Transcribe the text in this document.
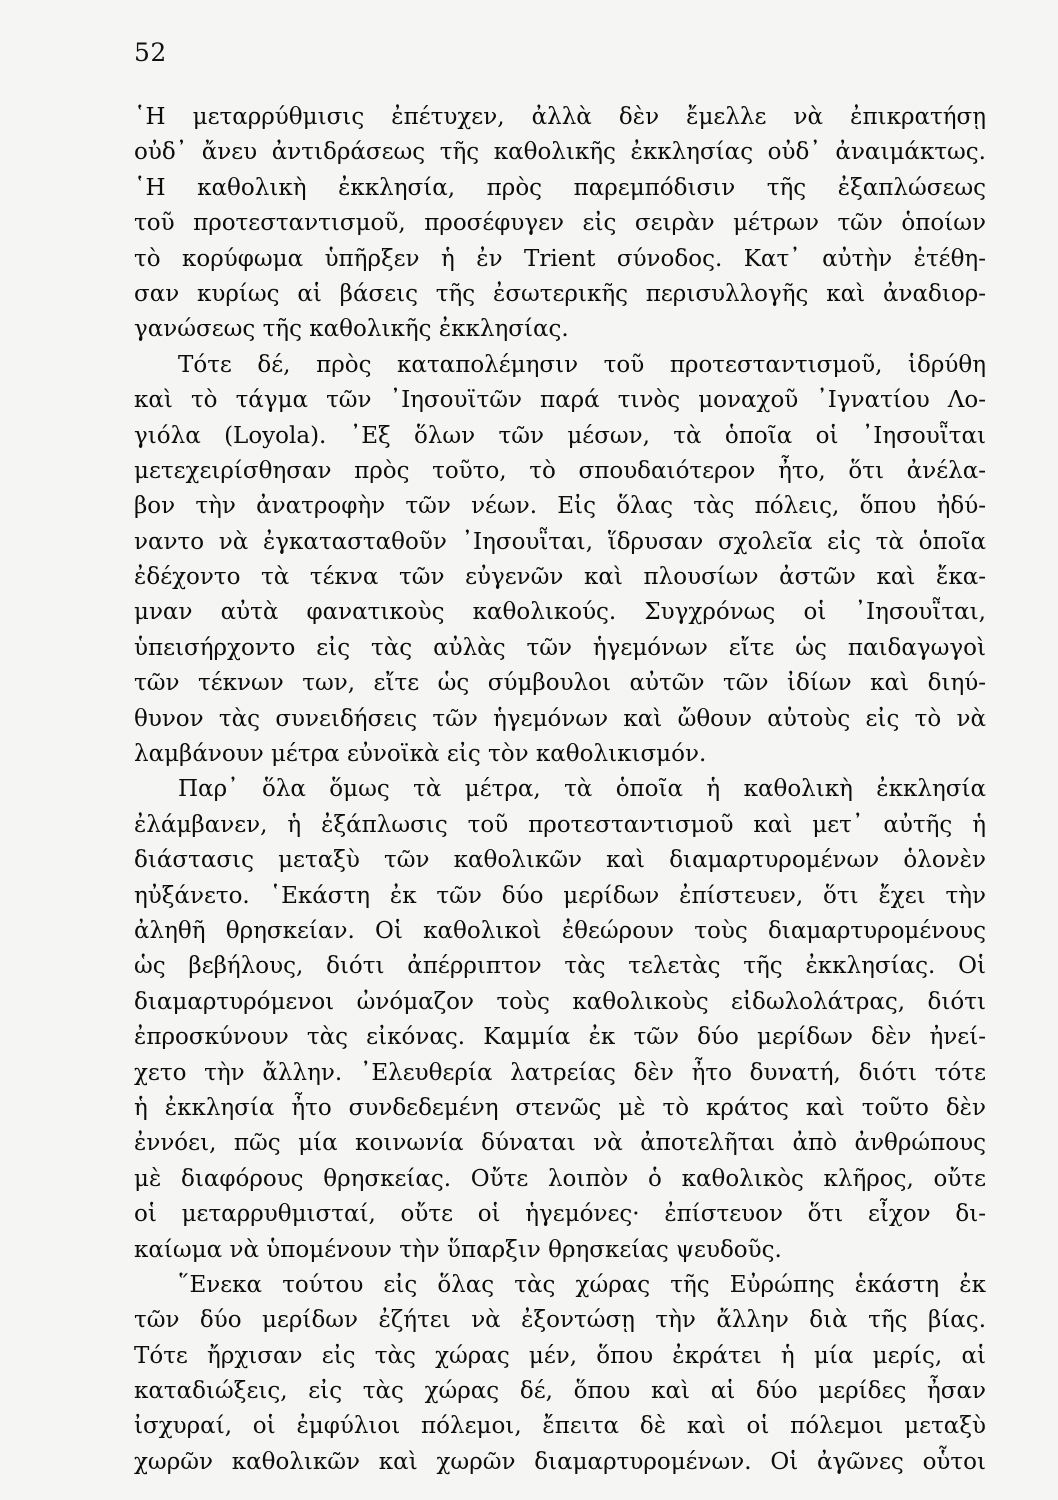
52
῾Η μεταρρύθμισις ἐπέτυχεν, ἀλλὰ δὲν ἔμελλε νὰ ἐπικρατήσῃ
οὐδ᾽ ἄνευ ἀντιδράσεως τῆς καθολικῆς ἐκκλησίας οὐδ᾽ ἀναιμάκτως.
῾Η καθολικὴ ἐκκλησία, πρὸς παρεμπόδισιν τῆς ἐξαπλώσεως
τοῦ προτεσταντισμοῦ, προσέφυγεν εἰς σειρὰν μέτρων τῶν ὁποίων
τὸ κορύφωμα ὑπῆρξεν ἡ ἐν Trient σύνοδος. Κατ᾽ αὐτὴν ἐτέθη-
σαν κυρίως αἱ βάσεις τῆς ἐσωτερικῆς περισυλλογῆς καὶ ἀναδιορ-
γανώσεως τῆς καθολικῆς ἐκκλησίας.
Τότε δέ, πρὸς καταπολέμησιν τοῦ προτεσταντισμοῦ, ἱδρύθη
καὶ τὸ τάγμα τῶν ᾽Ιησουϊτῶν παρά τινὸς μοναχοῦ ᾽Ιγνατίου Λο-
γιόλα (Loyola). ᾽Εξ ὅλων τῶν μέσων, τὰ ὁποῖα οἱ ᾽Ιησουῗται
μετεχειρίσθησαν πρὸς τοῦτο, τὸ σπουδαιότερον ἦτο, ὅτι ἀνέλα-
βον τὴν ἀνατροφὴν τῶν νέων. Εἰς ὅλας τὰς πόλεις, ὅπου ἠδύ-
ναντο νὰ ἐγκατασταθοῦν ᾽Ιησουῗται, ἵδρυσαν σχολεῖα εἰς τὰ ὁποῖα
ἐδέχοντο τὰ τέκνα τῶν εὐγενῶν καὶ πλουσίων ἀστῶν καὶ ἔκα-
μναν αὐτὰ φανατικοὺς καθολικούς. Συγχρόνως οἱ ᾽Ιησουῗται,
ὑπεισήρχοντο εἰς τὰς αὐλὰς τῶν ἡγεμόνων εἴτε ὡς παιδαγωγοὶ
τῶν τέκνων των, εἴτε ὡς σύμβουλοι αὐτῶν τῶν ἰδίων καὶ διηύ-
θυνον τὰς συνειδήσεις τῶν ἡγεμόνων καὶ ὤθουν αὐτοὺς εἰς τὸ νὰ
λαμβάνουν μέτρα εὐνοϊκὰ εἰς τὸν καθολικισμόν.
Παρ᾽ ὅλα ὅμως τὰ μέτρα, τὰ ὁποῖα ἡ καθολικὴ ἐκκλησία
ἐλάμβανεν, ἡ ἐξάπλωσις τοῦ προτεσταντισμοῦ καὶ μετ᾽ αὐτῆς ἡ
διάστασις μεταξὺ τῶν καθολικῶν καὶ διαμαρτυρομένων ὁλονὲν
ηὐξάνετο. ῾Εκάστη ἐκ τῶν δύο μερίδων ἐπίστευεν, ὅτι ἔχει τὴν
ἀληθῆ θρησκείαν. Οἱ καθολικοὶ ἐθεώρουν τοὺς διαμαρτυρομένους
ὡς βεβήλους, διότι ἀπέρριπτον τὰς τελετὰς τῆς ἐκκλησίας. Οἱ
διαμαρτυρόμενοι ὠνόμαζον τοὺς καθολικοὺς εἰδωλολάτρας, διότι
ἐπροσκύνουν τὰς εἰκόνας. Καμμία ἐκ τῶν δύο μερίδων δὲν ἠνεί-
χετο τὴν ἄλλην. ᾽Ελευθερία λατρείας δὲν ἦτο δυνατή, διότι τότε
ἡ ἐκκλησία ἦτο συνδεδεμένη στενῶς μὲ τὸ κράτος καὶ τοῦτο δὲν
ἐννόει, πῶς μία κοινωνία δύναται νὰ ἀποτελῆται ἀπὸ ἀνθρώπους
μὲ διαφόρους θρησκείας. Οὔτε λοιπὸν ὁ καθολικὸς κλῆρος, οὔτε
οἱ μεταρρυθμισταί, οὔτε οἱ ἡγεμόνες· ἐπίστευον ὅτι εἶχον δι-
καίωμα νὰ ὑπομένουν τὴν ὕπαρξιν θρησκείας ψευδοῦς.
῞Ενεκα τούτου εἰς ὅλας τὰς χώρας τῆς Εὐρώπης ἑκάστη ἐκ
τῶν δύο μερίδων ἐζήτει νὰ ἐξοντώσῃ τὴν ἄλλην διὰ τῆς βίας.
Τότε ἤρχισαν εἰς τὰς χώρας μέν, ὅπου ἐκράτει ἡ μία μερίς, αἱ
καταδιώξεις, εἰς τὰς χώρας δέ, ὅπου καὶ αἱ δύο μερίδες ἦσαν
ἰσχυραί, οἱ ἐμφύλιοι πόλεμοι, ἔπειτα δὲ καὶ οἱ πόλεμοι μεταξὺ
χωρῶν καθολικῶν καὶ χωρῶν διαμαρτυρομένων. Οἱ ἀγῶνες οὗτοι
